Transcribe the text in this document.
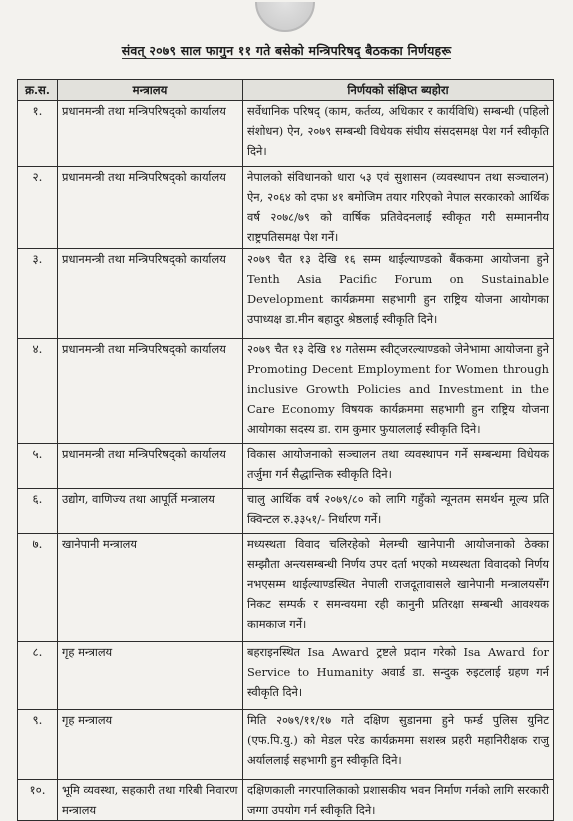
संवत् २०७९ साल फागुन ११ गते बसेको मन्त्रिपरिषद् बैठकका निर्णयहरू
क्र.स.	मन्त्रालय	निर्णयको संक्षिप्त ब्यहोरा
१.	प्रधानमन्त्री तथा मन्त्रिपरिषद्को कार्यालय	सर्वेधानिक परिषद् (काम, कर्तव्य, अधिकार र कार्यविधि) सम्बन्धी (पहिलो संशोधन) ऐन, २०७९ सम्बन्धी विधेयक संघीय संसदसमक्ष पेश गर्न स्वीकृति दिने।
२.	प्रधानमन्त्री तथा मन्त्रिपरिषद्को कार्यालय	नेपालको संविधानको धारा ५३ एवं सुशासन (व्यवस्थापन तथा सञ्चालन) ऐन, २०६४ को दफा ४१ बमोजिम तयार गरिएको नेपाल सरकारको आर्थिक वर्ष २०७८/७९ को वार्षिक प्रतिवेदनलाई स्वीकृत गरी सम्माननीय राष्ट्रपतिसमक्ष पेश गर्ने।
३.	प्रधानमन्त्री तथा मन्त्रिपरिषद्को कार्यालय	२०७९ चैत १३ देखि १६ सम्म थाईल्याण्डको बैंककमा आयोजना हुने Tenth Asia Pacific Forum on Sustainable Development कार्यक्रममा सहभागी हुन राष्ट्रिय योजना आयोगका उपाध्यक्ष डा.मीन बहादुर श्रेष्ठलाई स्वीकृति दिने।
४.	प्रधानमन्त्री तथा मन्त्रिपरिषद्को कार्यालय	२०७९ चैत १३ देखि १४ गतेसम्म स्वीट्जरल्याण्डको जेनेभामा आयोजना हुने Promoting Decent Employment for Women through inclusive Growth Policies and Investment in the Care Economy विषयक कार्यक्रममा सहभागी हुन राष्ट्रिय योजना आयोगका सदस्य डा. राम कुमार फुयाललाई स्वीकृति दिने।
५.	प्रधानमन्त्री तथा मन्त्रिपरिषद्को कार्यालय	विकास आयोजनाको सञ्चालन तथा व्यवस्थापन गर्ने सम्बन्धमा विधेयक तर्जुमा गर्न सैद्धान्तिक स्वीकृति दिने।
६.	उद्योग, वाणिज्य तथा आपूर्ति मन्त्रालय	चालु आर्थिक वर्ष २०७९/८० को लागि गहुँको न्यूनतम समर्थन मूल्य प्रति क्विन्टल रु.३३५१/- निर्धारण गर्ने।
७.	खानेपानी मन्त्रालय	मध्यस्थता विवाद चलिरहेको मेलम्ची खानेपानी आयोजनाको ठेक्का सम्झौता अन्त्यसम्बन्धी निर्णय उपर दर्ता भएको मध्यस्थता विवादको निर्णय नभएसम्म थाईल्याण्डस्थित नेपाली राजदूतावासले खानेपानी मन्त्रालयसँग निकट सम्पर्क र समन्वयमा रही कानुनी प्रतिरक्षा सम्बन्धी आवश्यक कामकाज गर्ने।
८.	गृह मन्त्रालय	बहराइनस्थित Isa Award ट्रष्टले प्रदान गरेको Isa Award for Service to Humanity अवार्ड डा. सन्दुक रुइटलाई ग्रहण गर्न स्वीकृति दिने।
९.	गृह मन्त्रालय	मिति २०७९/११/१७ गते दक्षिण सुडानमा हुने फर्म्ड पुलिस युनिट (एफ.पि.यु.) को मेडल परेड कार्यक्रममा सशस्त्र प्रहरी महानिरीक्षक राजु अर्याललाई सहभागी हुन स्वीकृति दिने।
१०.	भूमि व्यवस्था, सहकारी तथा गरिबी निवारण मन्त्रालय	दक्षिणकाली नगरपालिकाको प्रशासकीय भवन निर्माण गर्नको लागि सरकारी जग्गा उपयोग गर्न स्वीकृति दिने।
